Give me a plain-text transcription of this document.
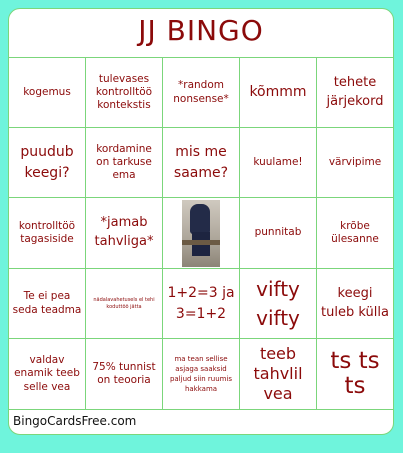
JJ BINGO
kogemus
tulevases kontrolltöö kontekstis
*random nonsense*	kõmmm
tehete järjekord
puudub keegi?
kordamine on tarkuse ema
mis me saame?
kuulame!	värvipime
kontrolltöö tagasiside
*jamab tahvliga*
punnitab
krõbe ülesanne
Te ei pea seda teadma
nädalavahetusels el tehi koduttöö jätta
1+2=3 ja 3=1+2
vifty vifty
keegi tuleb külla
valdav enamik teeb selle vea
75% tunnist on teooria
ma tean sellise asjaga saaksid paljud siin ruumis hakkama
teeb tahvlil vea
ts ts ts
BingoCardsFree.com
